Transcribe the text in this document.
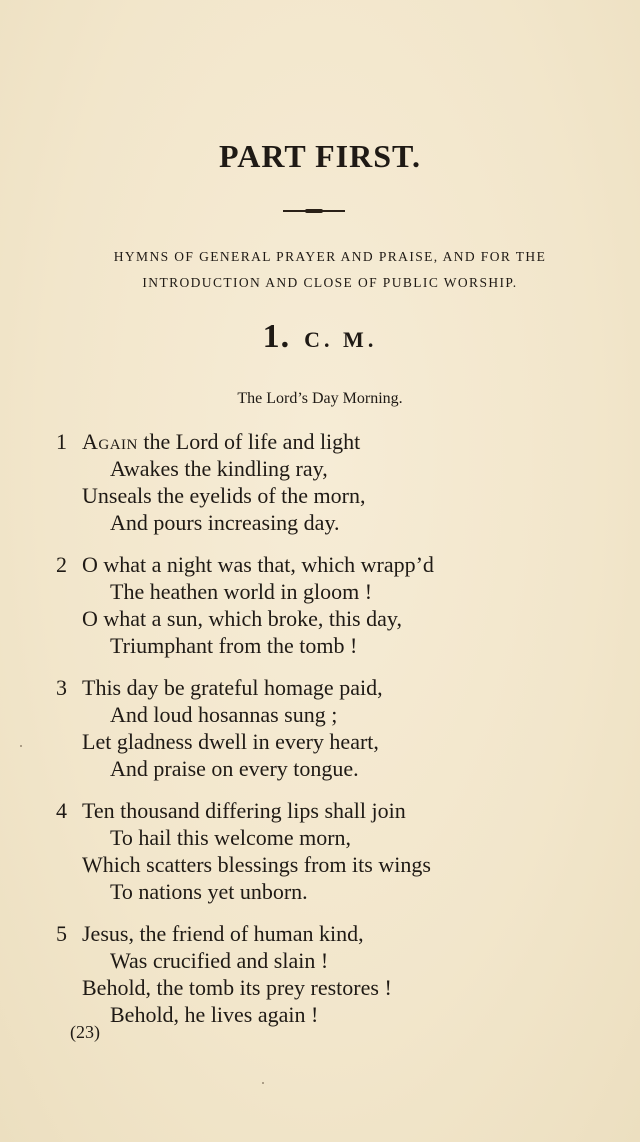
PART FIRST.
HYMNS OF GENERAL PRAYER AND PRAISE, AND FOR THE
INTRODUCTION AND CLOSE OF PUBLIC WORSHIP.
1. C. M.
The Lord’s Day Morning.
1 Again the Lord of life and light
Awakes the kindling ray,
Unseals the eyelids of the morn,
And pours increasing day.
2 O what a night was that, which wrapp’d
The heathen world in gloom !
O what a sun, which broke, this day,
Triumphant from the tomb !
3 This day be grateful homage paid,
And loud hosannas sung ;
Let gladness dwell in every heart,
And praise on every tongue.
4 Ten thousand differing lips shall join
To hail this welcome morn,
Which scatters blessings from its wings
To nations yet unborn.
5 Jesus, the friend of human kind,
Was crucified and slain !
Behold, the tomb its prey restores !
Behold, he lives again !
(23)
